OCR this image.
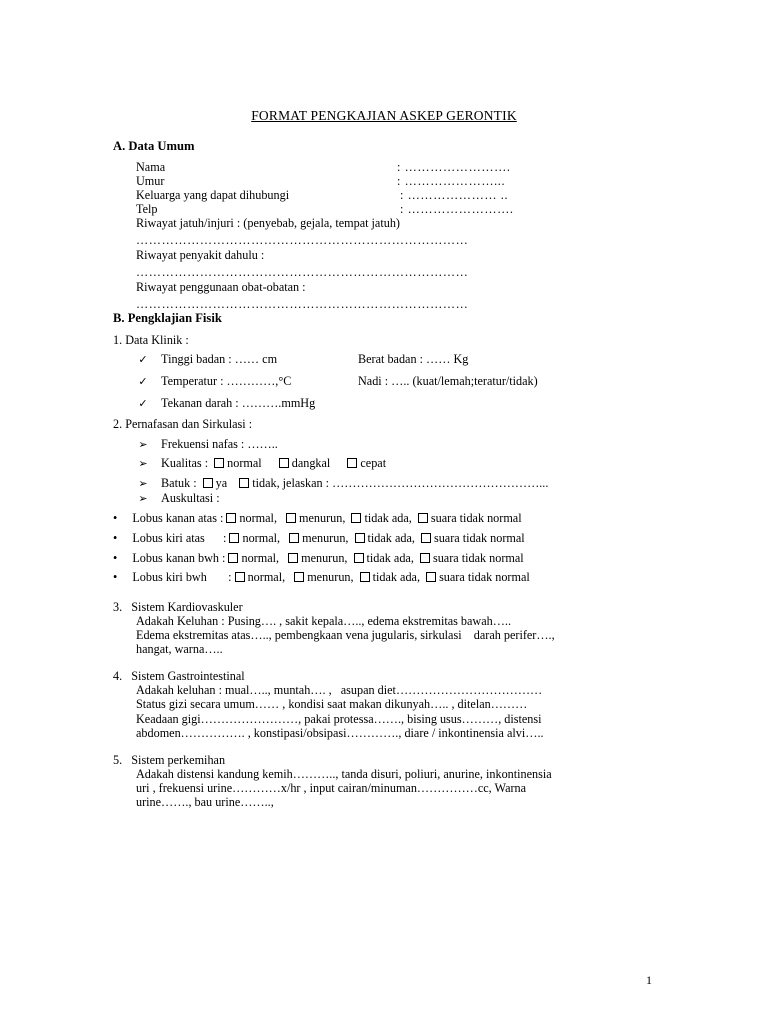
FORMAT PENGKAJIAN ASKEP GERONTIK
A. Data Umum
Nama	: …………………….
Umur	: …………………...
Keluarga yang dapat dihubungi	: ………………… ..
Telp	: …………………….
Riwayat jatuh/injuri : (penyebab, gejala, tempat jatuh)
……………………………………………………………………
Riwayat penyakit dahulu :
……………………………………………………………………
Riwayat penggunaan obat-obatan :
……………………………………………………………………
B. Pengklajian Fisik
1. Data Klinik :
✓ Tinggi badan : …… cm	Berat badan : …… Kg
✓ Temperatur : …………,°C	Nadi : ….. (kuat/lemah;teratur/tidak)
✓ Tekanan darah : ……….mmHg
2. Pernafasan dan Sirkulasi :
➢ Frekuensi nafas : ……..
➢ Kualitas : normal dangkal cepat
➢ Batuk : ya tidak, jelaskan : ……………………………………………...
➢ Auskultasi :
• Lobus kanan atas : normal, menurun, tidak ada, suara tidak normal
• Lobus kiri atas      : normal, menurun, tidak ada, suara tidak normal
• Lobus kanan bwh : normal, menurun, tidak ada, suara tidak normal
• Lobus kiri bwh       : normal, menurun, tidak ada, suara tidak normal
3.   Sistem Kardiovaskuler
Adakah Keluhan : Pusing…. , sakit kepala….., edema ekstremitas bawah…..
Edema ekstremitas atas….., pembengkaan vena jugularis, sirkulasi    darah perifer….,
hangat, warna…..
4.   Sistem Gastrointestinal
Adakah keluhan : mual….., muntah…. ,   asupan diet………………………………
Status gizi secara umum…… , kondisi saat makan dikunyah….. , ditelan………
Keadaan gigi……………………, pakai protessa……., bising usus………, distensi
abdomen……………. , konstipasi/obsipasi…………., diare / inkontinensia alvi…..
5.   Sistem perkemihan
Adakah distensi kandung kemih……….., tanda disuri, poliuri, anurine, inkontinensia
uri , frekuensi urine…………x/hr , input cairan/minuman……………cc, Warna
urine……., bau urine……..,
1
